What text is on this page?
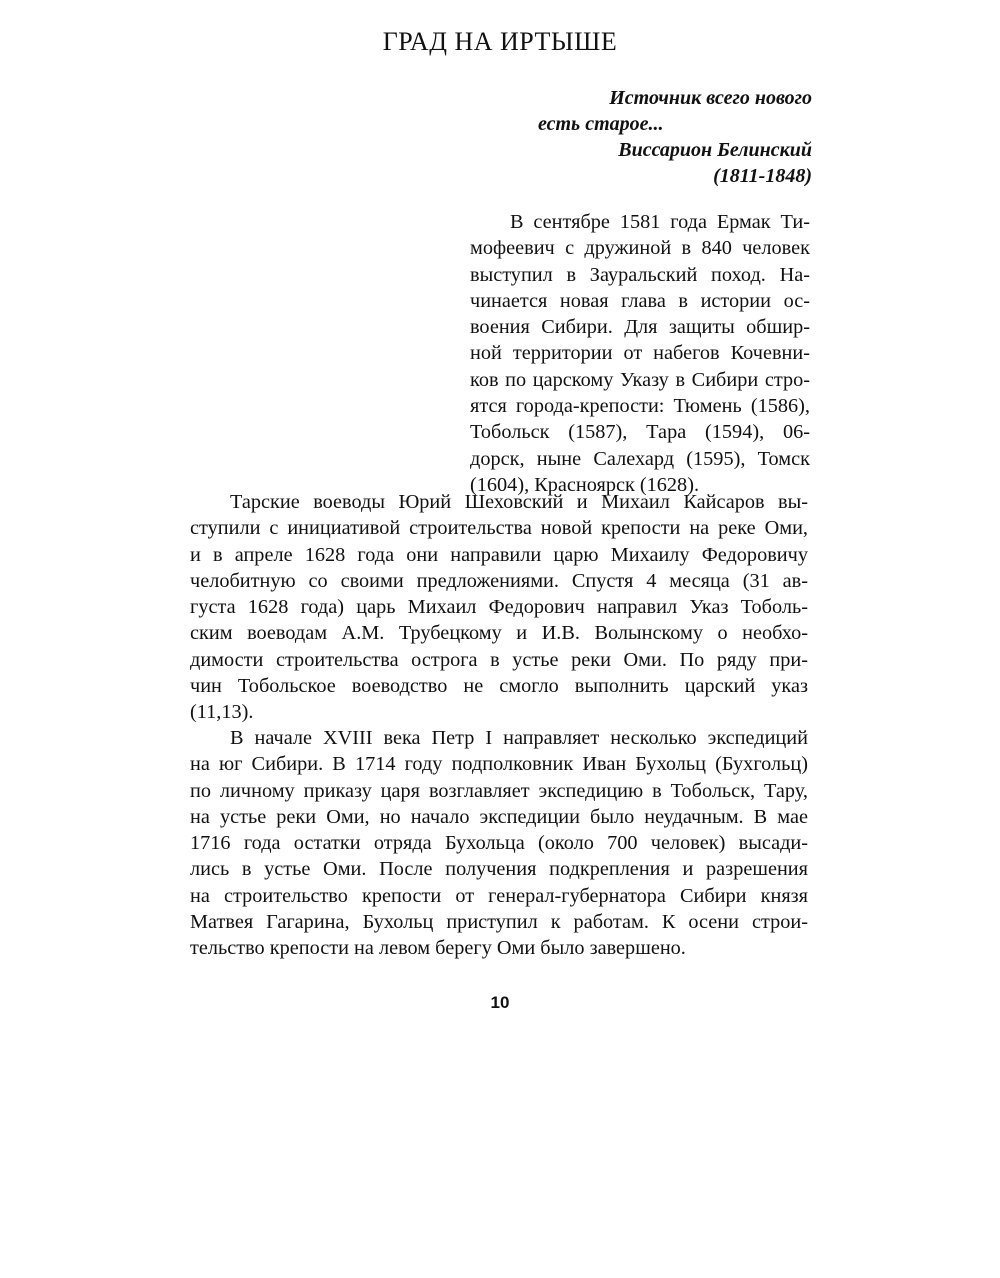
ГРАД НА ИРТЫШЕ
Источник всего нового
есть старое...
Виссарион Белинский
(1811-1848)
В сентябре 1581 года Ермак Ти-
мофеевич с дружиной в 840 человек
выступил в Зауральский поход. На-
чинается новая глава в истории ос-
воения Сибири. Для защиты обшир-
ной территории от набегов Кочевни-
ков по царскому Указу в Сибири стро-
ятся города-крепости: Тюмень (1586),
Тобольск (1587), Тара (1594), 06-
дорск, ныне Салехард (1595), Томск
(1604), Красноярск (1628).
Тарские воеводы Юрий Шеховский и Михаил Кайсаров вы-
ступили с инициативой строительства новой крепости на реке Оми,
и в апреле 1628 года они направили царю Михаилу Федоровичу
челобитную со своими предложениями. Спустя 4 месяца (31 ав-
густа 1628 года) царь Михаил Федорович направил Указ Тоболь-
ским воеводам А.М. Трубецкому и И.В. Волынскому о необхо-
димости строительства острога в устье реки Оми. По ряду при-
чин Тобольское воеводство не смогло выполнить царский указ
(11,13).
В начале XVIII века Петр I направляет несколько экспедиций
на юг Сибири. В 1714 году подполковник Иван Бухольц (Бухгольц)
по личному приказу царя возглавляет экспедицию в Тобольск, Тару,
на устье реки Оми, но начало экспедиции было неудачным. В мае
1716 года остатки отряда Бухольца (около 700 человек) высади-
лись в устье Оми. После получения подкрепления и разрешения
на строительство крепости от генерал-губернатора Сибири князя
Матвея Гагарина, Бухольц приступил к работам. К осени строи-
тельство крепости на левом берегу Оми было завершено.
10
